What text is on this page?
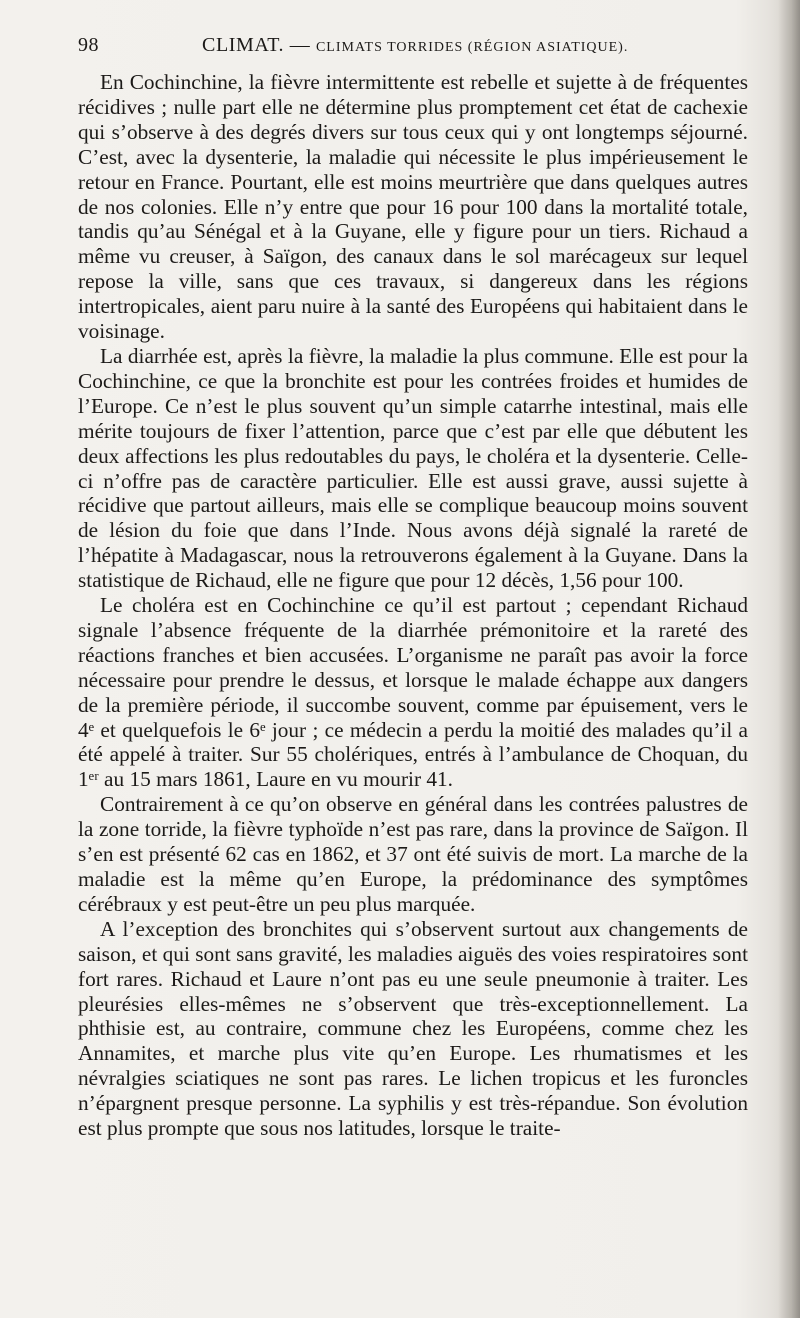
98	CLIMAT. — CLIMATS TORRIDES (RÉGION ASIATIQUE).

En Cochinchine, la fièvre intermittente est rebelle et sujette à de fréquentes récidives ; nulle part elle ne détermine plus promptement cet état de cachexie qui s’observe à des degrés divers sur tous ceux qui y ont longtemps séjourné. C’est, avec la dysenterie, la maladie qui nécessite le plus impérieusement le retour en France. Pourtant, elle est moins meurtrière que dans quelques autres de nos colonies. Elle n’y entre que pour 16 pour 100 dans la mortalité totale, tandis qu’au Sénégal et à la Guyane, elle y figure pour un tiers. Richaud a même vu creuser, à Saïgon, des canaux dans le sol marécageux sur lequel repose la ville, sans que ces travaux, si dangereux dans les régions intertropicales, aient paru nuire à la santé des Européens qui habitaient dans le voisinage.

La diarrhée est, après la fièvre, la maladie la plus commune. Elle est pour la Cochinchine, ce que la bronchite est pour les contrées froides et humides de l’Europe. Ce n’est le plus souvent qu’un simple catarrhe intestinal, mais elle mérite toujours de fixer l’attention, parce que c’est par elle que débutent les deux affections les plus redoutables du pays, le choléra et la dysenterie. Celle-ci n’offre pas de caractère particulier. Elle est aussi grave, aussi sujette à récidive que partout ailleurs, mais elle se complique beaucoup moins souvent de lésion du foie que dans l’Inde. Nous avons déjà signalé la rareté de l’hépatite à Madagascar, nous la retrouverons également à la Guyane. Dans la statistique de Richaud, elle ne figure que pour 12 décès, 1,56 pour 100.

Le choléra est en Cochinchine ce qu’il est partout ; cependant Richaud signale l’absence fréquente de la diarrhée prémonitoire et la rareté des réactions franches et bien accusées. L’organisme ne paraît pas avoir la force nécessaire pour prendre le dessus, et lorsque le malade échappe aux dangers de la première période, il succombe souvent, comme par épuisement, vers le 4ᵉ et quelquefois le 6ᵉ jour ; ce médecin a perdu la moitié des malades qu’il a été appelé à traiter. Sur 55 cholériques, entrés à l’ambulance de Choquan, du 1ᵉʳ au 15 mars 1861, Laure en vu mourir 41.

Contrairement à ce qu’on observe en général dans les contrées palustres de la zone torride, la fièvre typhoïde n’est pas rare, dans la province de Saïgon. Il s’en est présenté 62 cas en 1862, et 37 ont été suivis de mort. La marche de la maladie est la même qu’en Europe, la prédominance des symptômes cérébraux y est peut-être un peu plus marquée.

A l’exception des bronchites qui s’observent surtout aux changements de saison, et qui sont sans gravité, les maladies aiguës des voies respiratoires sont fort rares. Richaud et Laure n’ont pas eu une seule pneumonie à traiter. Les pleurésies elles-mêmes ne s’observent que très-exceptionnellement. La phthisie est, au contraire, commune chez les Européens, comme chez les Annamites, et marche plus vite qu’en Europe. Les rhumatismes et les névralgies sciatiques ne sont pas rares. Le lichen tropicus et les furoncles n’épargnent presque personne. La syphilis y est très-répandue. Son évolution est plus prompte que sous nos latitudes, lorsque le traite-
